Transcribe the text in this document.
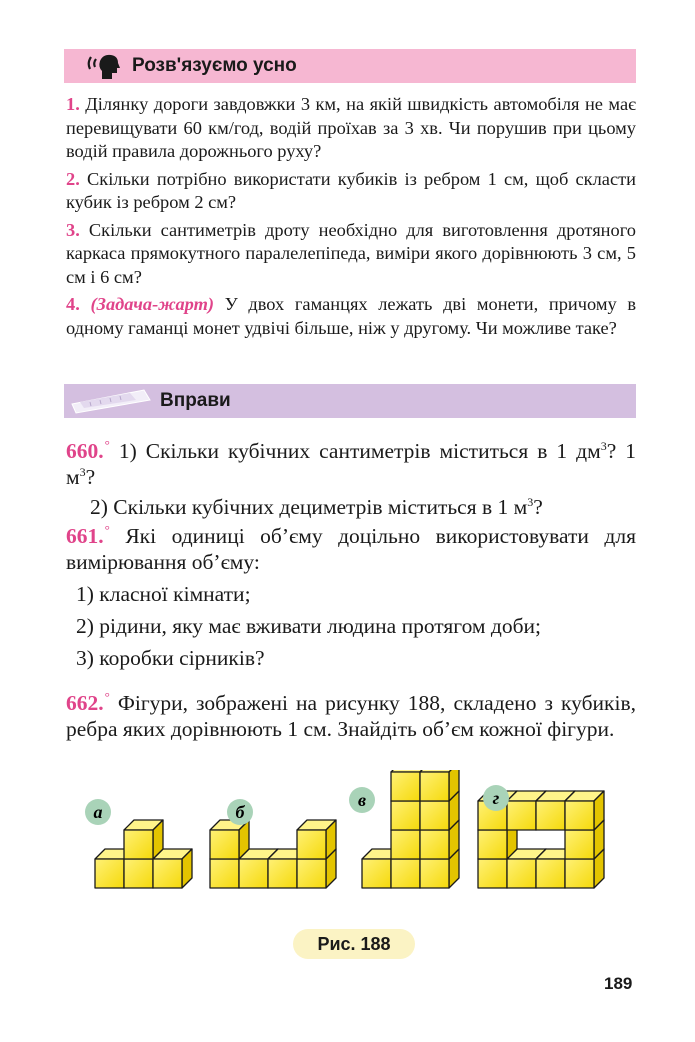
Розв'язуємо усно

1. Ділянку дороги завдовжки 3 км, на якій швидкість автомобіля не має перевищувати 60 км/год, водій проїхав за 3 хв. Чи порушив при цьому водій правила дорожнього руху?

2. Скільки потрібно використати кубиків із ребром 1 см, щоб скласти кубик із ребром 2 см?

3. Скільки сантиметрів дроту необхідно для виготовлення дротяного каркаса прямокутного паралелепіпеда, виміри якого дорівнюють 3 см, 5 см і 6 см?

4. (Задача-жарт) У двох гаманцях лежать дві монети, причому в одному гаманці монет удвічі більше, ніж у другому. Чи можливе таке?

Вправи

660.° 1) Скільки кубічних сантиметрів міститься в 1 $дм^3$? 1 $м^3$?

2) Скільки кубічних дециметрів міститься в 1 $м^3$?

661.° Які одиниці об’єму доцільно використовувати для вимірювання об’єму:

1) класної кімнати;

2) рідини, яку має вживати людина протягом доби;

3) коробки сірників?

662.° Фігури, зображені на рисунку 188, складено з кубиків, ребра яких дорівнюють 1 см. Знайдіть об’єм кожної фігури.

а	б
в	г
Рис. 188
189
